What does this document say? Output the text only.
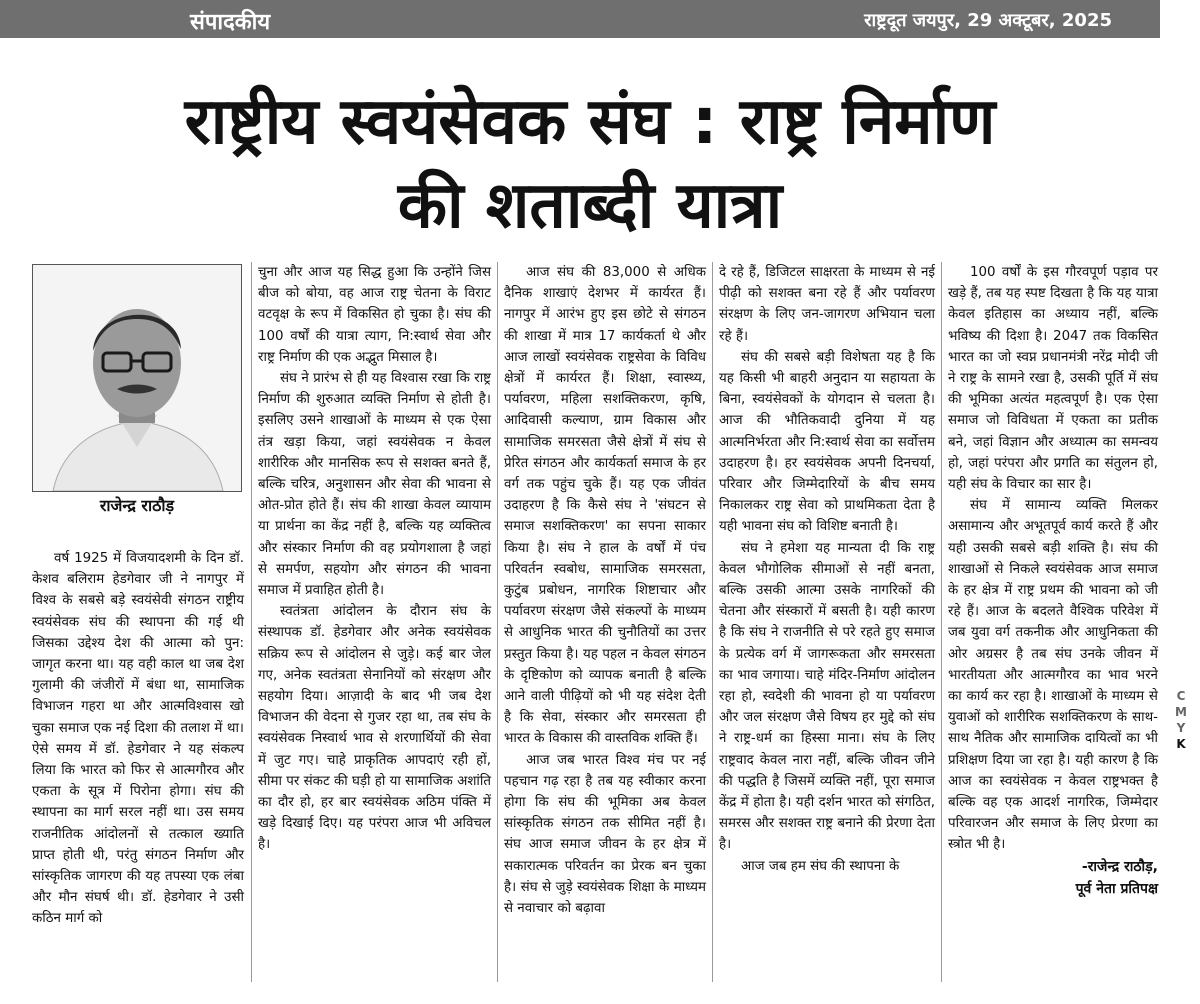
संपादकीय	राष्ट्रदूत जयपुर, 29 अक्टूबर, 2025
C
M
Y
K
राष्ट्रीय स्वयंसेवक संघ : राष्ट्र निर्माण
की शताब्दी यात्रा
राजेन्द्र राठौड़

वर्ष 1925 में विजयादशमी के दिन डॉ. केशव बलिराम हेडगेवार जी ने नागपुर में विश्व के सबसे बड़े स्वयंसेवी संगठन राष्ट्रीय स्वयंसेवक संघ की स्थापना की गई थी जिसका उद्देश्य देश की आत्मा को पुन: जागृत करना था। यह वही काल था जब देश गुलामी की जंजीरों में बंधा था, सामाजिक विभाजन गहरा था और आत्मविश्वास खो चुका समाज एक नई दिशा की तलाश में था। ऐसे समय में डॉ. हेडगेवार ने यह संकल्प लिया कि भारत को फिर से आत्मगौरव और एकता के सूत्र में पिरोना होगा। संघ की स्थापना का मार्ग सरल नहीं था। उस समय राजनीतिक आंदोलनों से तत्काल ख्याति प्राप्त होती थी, परंतु संगठन निर्माण और सांस्कृतिक जागरण की यह तपस्या एक लंबा और मौन संघर्ष थी। डॉ. हेडगेवार ने उसी कठिन मार्ग को

चुना और आज यह सिद्ध हुआ कि उन्होंने जिस बीज को बोया, वह आज राष्ट्र चेतना के विराट वटवृक्ष के रूप में विकसित हो चुका है। संघ की 100 वर्षों की यात्रा त्याग, नि:स्वार्थ सेवा और राष्ट्र निर्माण की एक अद्भुत मिसाल है।

संघ ने प्रारंभ से ही यह विश्वास रखा कि राष्ट्र निर्माण की शुरुआत व्यक्ति निर्माण से होती है। इसलिए उसने शाखाओं के माध्यम से एक ऐसा तंत्र खड़ा किया, जहां स्वयंसेवक न केवल शारीरिक और मानसिक रूप से सशक्त बनते हैं, बल्कि चरित्र, अनुशासन और सेवा की भावना से ओत-प्रोत होते हैं। संघ की शाखा केवल व्यायाम या प्रार्थना का केंद्र नहीं है, बल्कि यह व्यक्तित्व और संस्कार निर्माण की वह प्रयोगशाला है जहां से समर्पण, सहयोग और संगठन की भावना समाज में प्रवाहित होती है।

स्वतंत्रता आंदोलन के दौरान संघ के संस्थापक डॉ. हेडगेवार और अनेक स्वयंसेवक सक्रिय रूप से आंदोलन से जुड़े। कई बार जेल गए, अनेक स्वतंत्रता सेनानियों को संरक्षण और सहयोग दिया। आज़ादी के बाद भी जब देश विभाजन की वेदना से गुजर रहा था, तब संघ के स्वयंसेवक निस्वार्थ भाव से शरणार्थियों की सेवा में जुट गए। चाहे प्राकृतिक आपदाएं रही हों, सीमा पर संकट की घड़ी हो या सामाजिक अशांति का दौर हो, हर बार स्वयंसेवक अठिम पंक्ति में खड़े दिखाई दिए। यह परंपरा आज भी अविचल है।

आज संघ की 83,000 से अधिक दैनिक शाखाएं देशभर में कार्यरत हैं। नागपुर में आरंभ हुए इस छोटे से संगठन की शाखा में मात्र 17 कार्यकर्ता थे और आज लाखों स्वयंसेवक राष्ट्रसेवा के विविध क्षेत्रों में कार्यरत हैं। शिक्षा, स्वास्थ्य, पर्यावरण, महिला सशक्तिकरण, कृषि, आदिवासी कल्याण, ग्राम विकास और सामाजिक समरसता जैसे क्षेत्रों में संघ से प्रेरित संगठन और कार्यकर्ता समाज के हर वर्ग तक पहुंच चुके हैं। यह एक जीवंत उदाहरण है कि कैसे संघ ने 'संघटन से समाज सशक्तिकरण' का सपना साकार किया है। संघ ने हाल के वर्षों में पंच परिवर्तन स्वबोध, सामाजिक समरसता, कुटुंब प्रबोधन, नागरिक शिष्टाचार और पर्यावरण संरक्षण जैसे संकल्पों के माध्यम से आधुनिक भारत की चुनौतियों का उत्तर प्रस्तुत किया है। यह पहल न केवल संगठन के दृष्टिकोण को व्यापक बनाती है बल्कि आने वाली पीढ़ियों को भी यह संदेश देती है कि सेवा, संस्कार और समरसता ही भारत के विकास की वास्तविक शक्ति हैं।

आज जब भारत विश्व मंच पर नई पहचान गढ़ रहा है तब यह स्वीकार करना होगा कि संघ की भूमिका अब केवल सांस्कृतिक संगठन तक सीमित नहीं है। संघ आज समाज जीवन के हर क्षेत्र में सकारात्मक परिवर्तन का प्रेरक बन चुका है। संघ से जुड़े स्वयंसेवक शिक्षा के माध्यम से नवाचार को बढ़ावा

दे रहे हैं, डिजिटल साक्षरता के माध्यम से नई पीढ़ी को सशक्त बना रहे हैं और पर्यावरण संरक्षण के लिए जन-जागरण अभियान चला रहे हैं।

संघ की सबसे बड़ी विशेषता यह है कि यह किसी भी बाहरी अनुदान या सहायता के बिना, स्वयंसेवकों के योगदान से चलता है। आज की भौतिकवादी दुनिया में यह आत्मनिर्भरता और नि:स्वार्थ सेवा का सर्वोत्तम उदाहरण है। हर स्वयंसेवक अपनी दिनचर्या, परिवार और जिम्मेदारियों के बीच समय निकालकर राष्ट्र सेवा को प्राथमिकता देता है यही भावना संघ को विशिष्ट बनाती है।

संघ ने हमेशा यह मान्यता दी कि राष्ट्र केवल भौगोलिक सीमाओं से नहीं बनता, बल्कि उसकी आत्मा उसके नागरिकों की चेतना और संस्कारों में बसती है। यही कारण है कि संघ ने राजनीति से परे रहते हुए समाज के प्रत्येक वर्ग में जागरूकता और समरसता का भाव जगाया। चाहे मंदिर-निर्माण आंदोलन रहा हो, स्वदेशी की भावना हो या पर्यावरण और जल संरक्षण जैसे विषय हर मुद्दे को संघ ने राष्ट्र-धर्म का हिस्सा माना। संघ के लिए राष्ट्रवाद केवल नारा नहीं, बल्कि जीवन जीने की पद्धति है जिसमें व्यक्ति नहीं, पूरा समाज केंद्र में होता है। यही दर्शन भारत को संगठित, समरस और सशक्त राष्ट्र बनाने की प्रेरणा देता है।

आज जब हम संघ की स्थापना के

100 वर्षों के इस गौरवपूर्ण पड़ाव पर खड़े हैं, तब यह स्पष्ट दिखता है कि यह यात्रा केवल इतिहास का अध्याय नहीं, बल्कि भविष्य की दिशा है। 2047 तक विकसित भारत का जो स्वप्न प्रधानमंत्री नरेंद्र मोदी जी ने राष्ट्र के सामने रखा है, उसकी पूर्ति में संघ की भूमिका अत्यंत महत्वपूर्ण है। एक ऐसा समाज जो विविधता में एकता का प्रतीक बने, जहां विज्ञान और अध्यात्म का समन्वय हो, जहां परंपरा और प्रगति का संतुलन हो, यही संघ के विचार का सार है।

संघ में सामान्य व्यक्ति मिलकर असामान्य और अभूतपूर्व कार्य करते हैं और यही उसकी सबसे बड़ी शक्ति है। संघ की शाखाओं से निकले स्वयंसेवक आज समाज के हर क्षेत्र में राष्ट्र प्रथम की भावना को जी रहे हैं। आज के बदलते वैश्विक परिवेश में जब युवा वर्ग तकनीक और आधुनिकता की ओर अग्रसर है तब संघ उनके जीवन में भारतीयता और आत्मगौरव का भाव भरने का कार्य कर रहा है। शाखाओं के माध्यम से युवाओं को शारीरिक सशक्तिकरण के साथ-साथ नैतिक और सामाजिक दायित्वों का भी प्रशिक्षण दिया जा रहा है। यही कारण है कि आज का स्वयंसेवक न केवल राष्ट्रभक्त है बल्कि वह एक आदर्श नागरिक, जिम्मेदार परिवारजन और समाज के लिए प्रेरणा का स्त्रोत भी है।

-राजेन्द्र राठौड़,
पूर्व नेता प्रतिपक्ष
